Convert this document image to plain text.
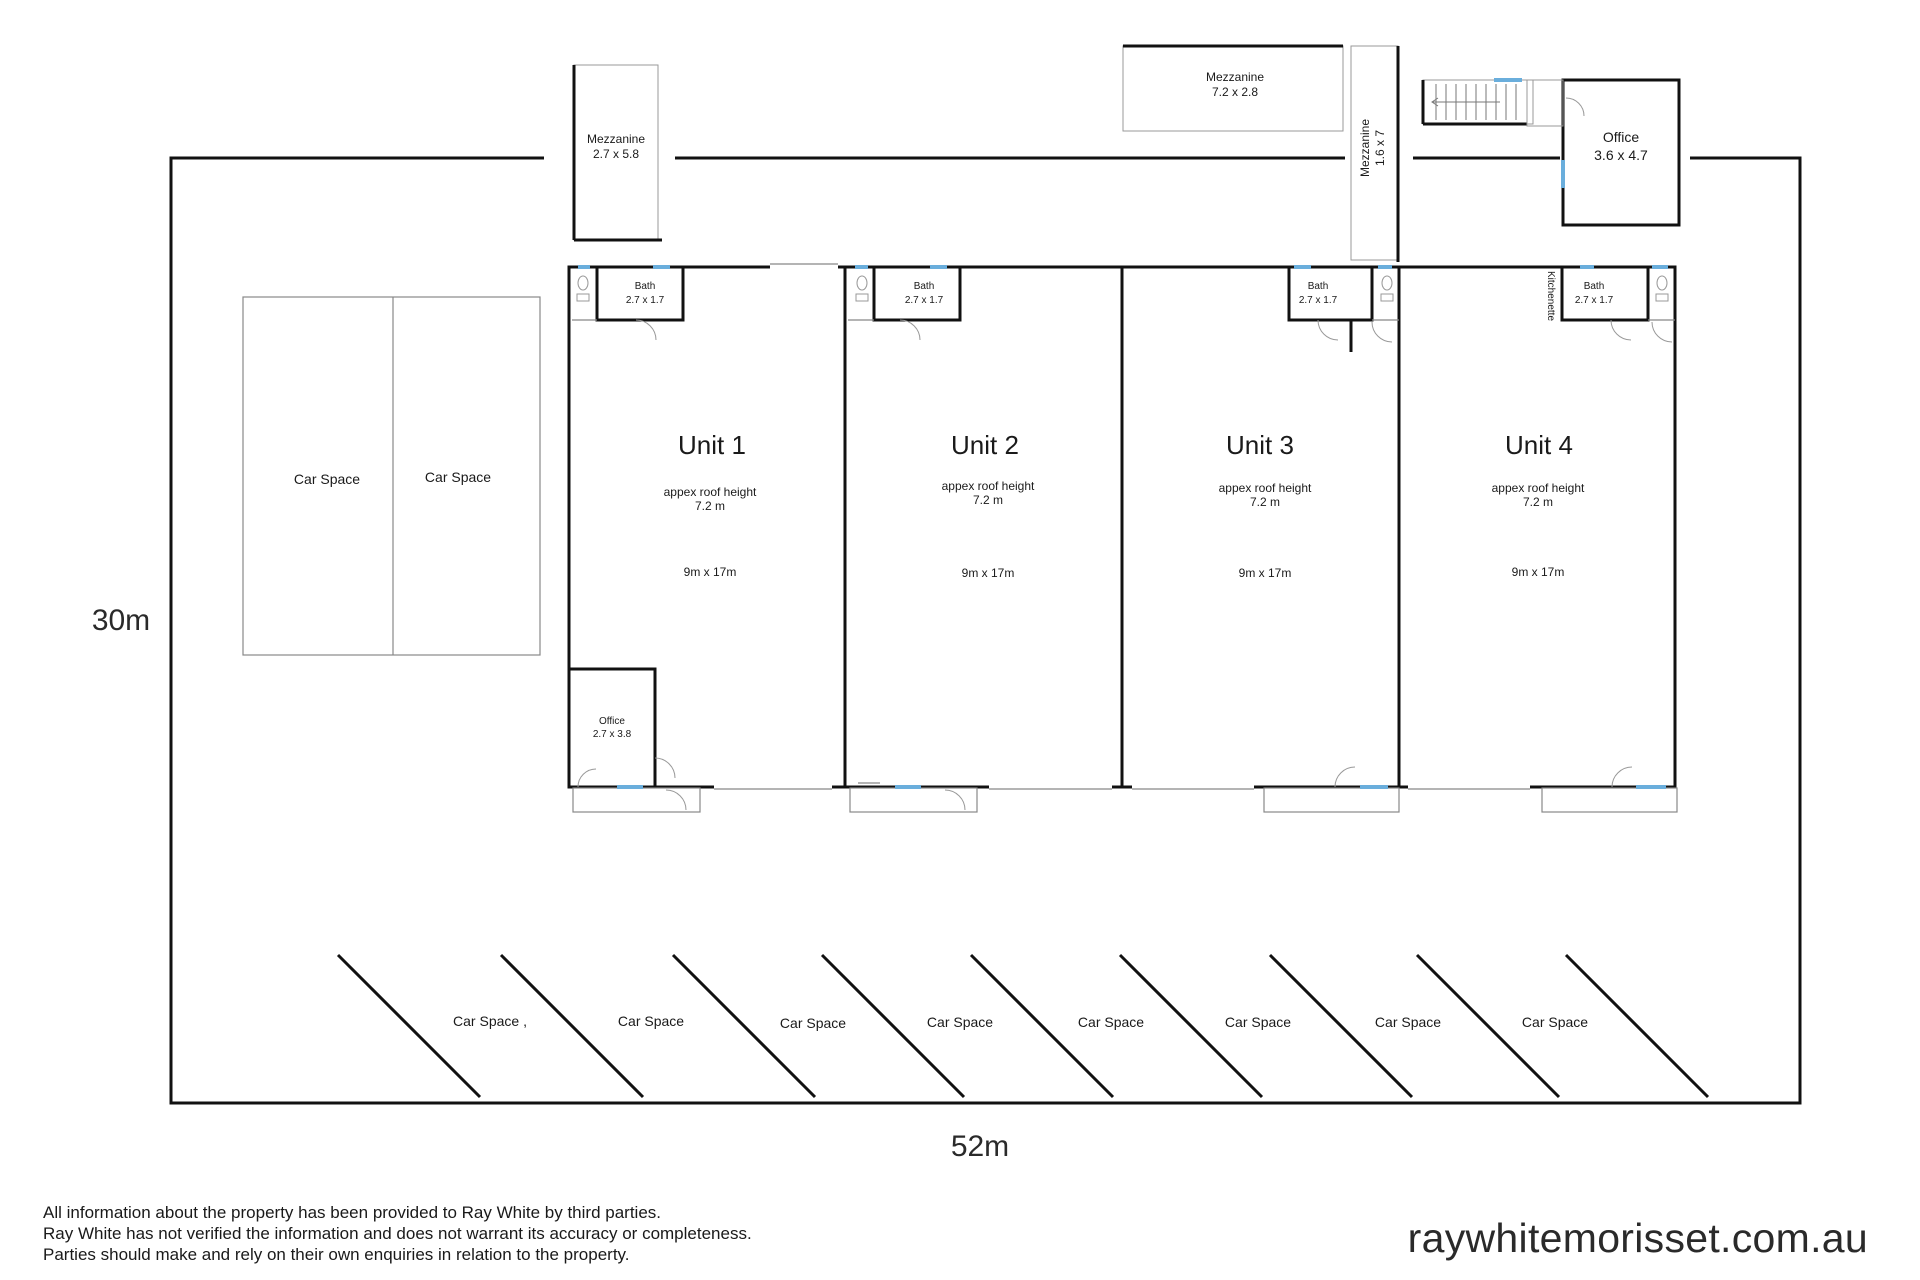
Mezzanine
2.7 x 5.8
Mezzanine
7.2 x 2.8
Mezzanine 1.6 x 7	Office
3.6 x 4.7
Car Space	Car Space
Bath
2.7 x 1.7
Unit 1
appex roof height
7.2 m
9m x 17m
Office
2.7 x 3.8
Bath
2.7 x 1.7
Unit 2
appex roof height
7.2 m
9m x 17m
Bath
2.7 x 1.7
Unit 3
appex roof height
7.2 m
9m x 17m
Kitchenette	Bath
2.7 x 1.7
Unit 4
appex roof height
7.2 m
9m x 17m
Car Space ,	Car Space	Car Space	Car Space	Car Space	Car Space	Car Space	Car Space
30m
52m
All information about the property has been provided to Ray White by third parties.
Ray White has not verified the information and does not warrant its accuracy or completeness.
Parties should make and rely on their own enquiries in relation to the property.	raywhitemorisset.com.au
